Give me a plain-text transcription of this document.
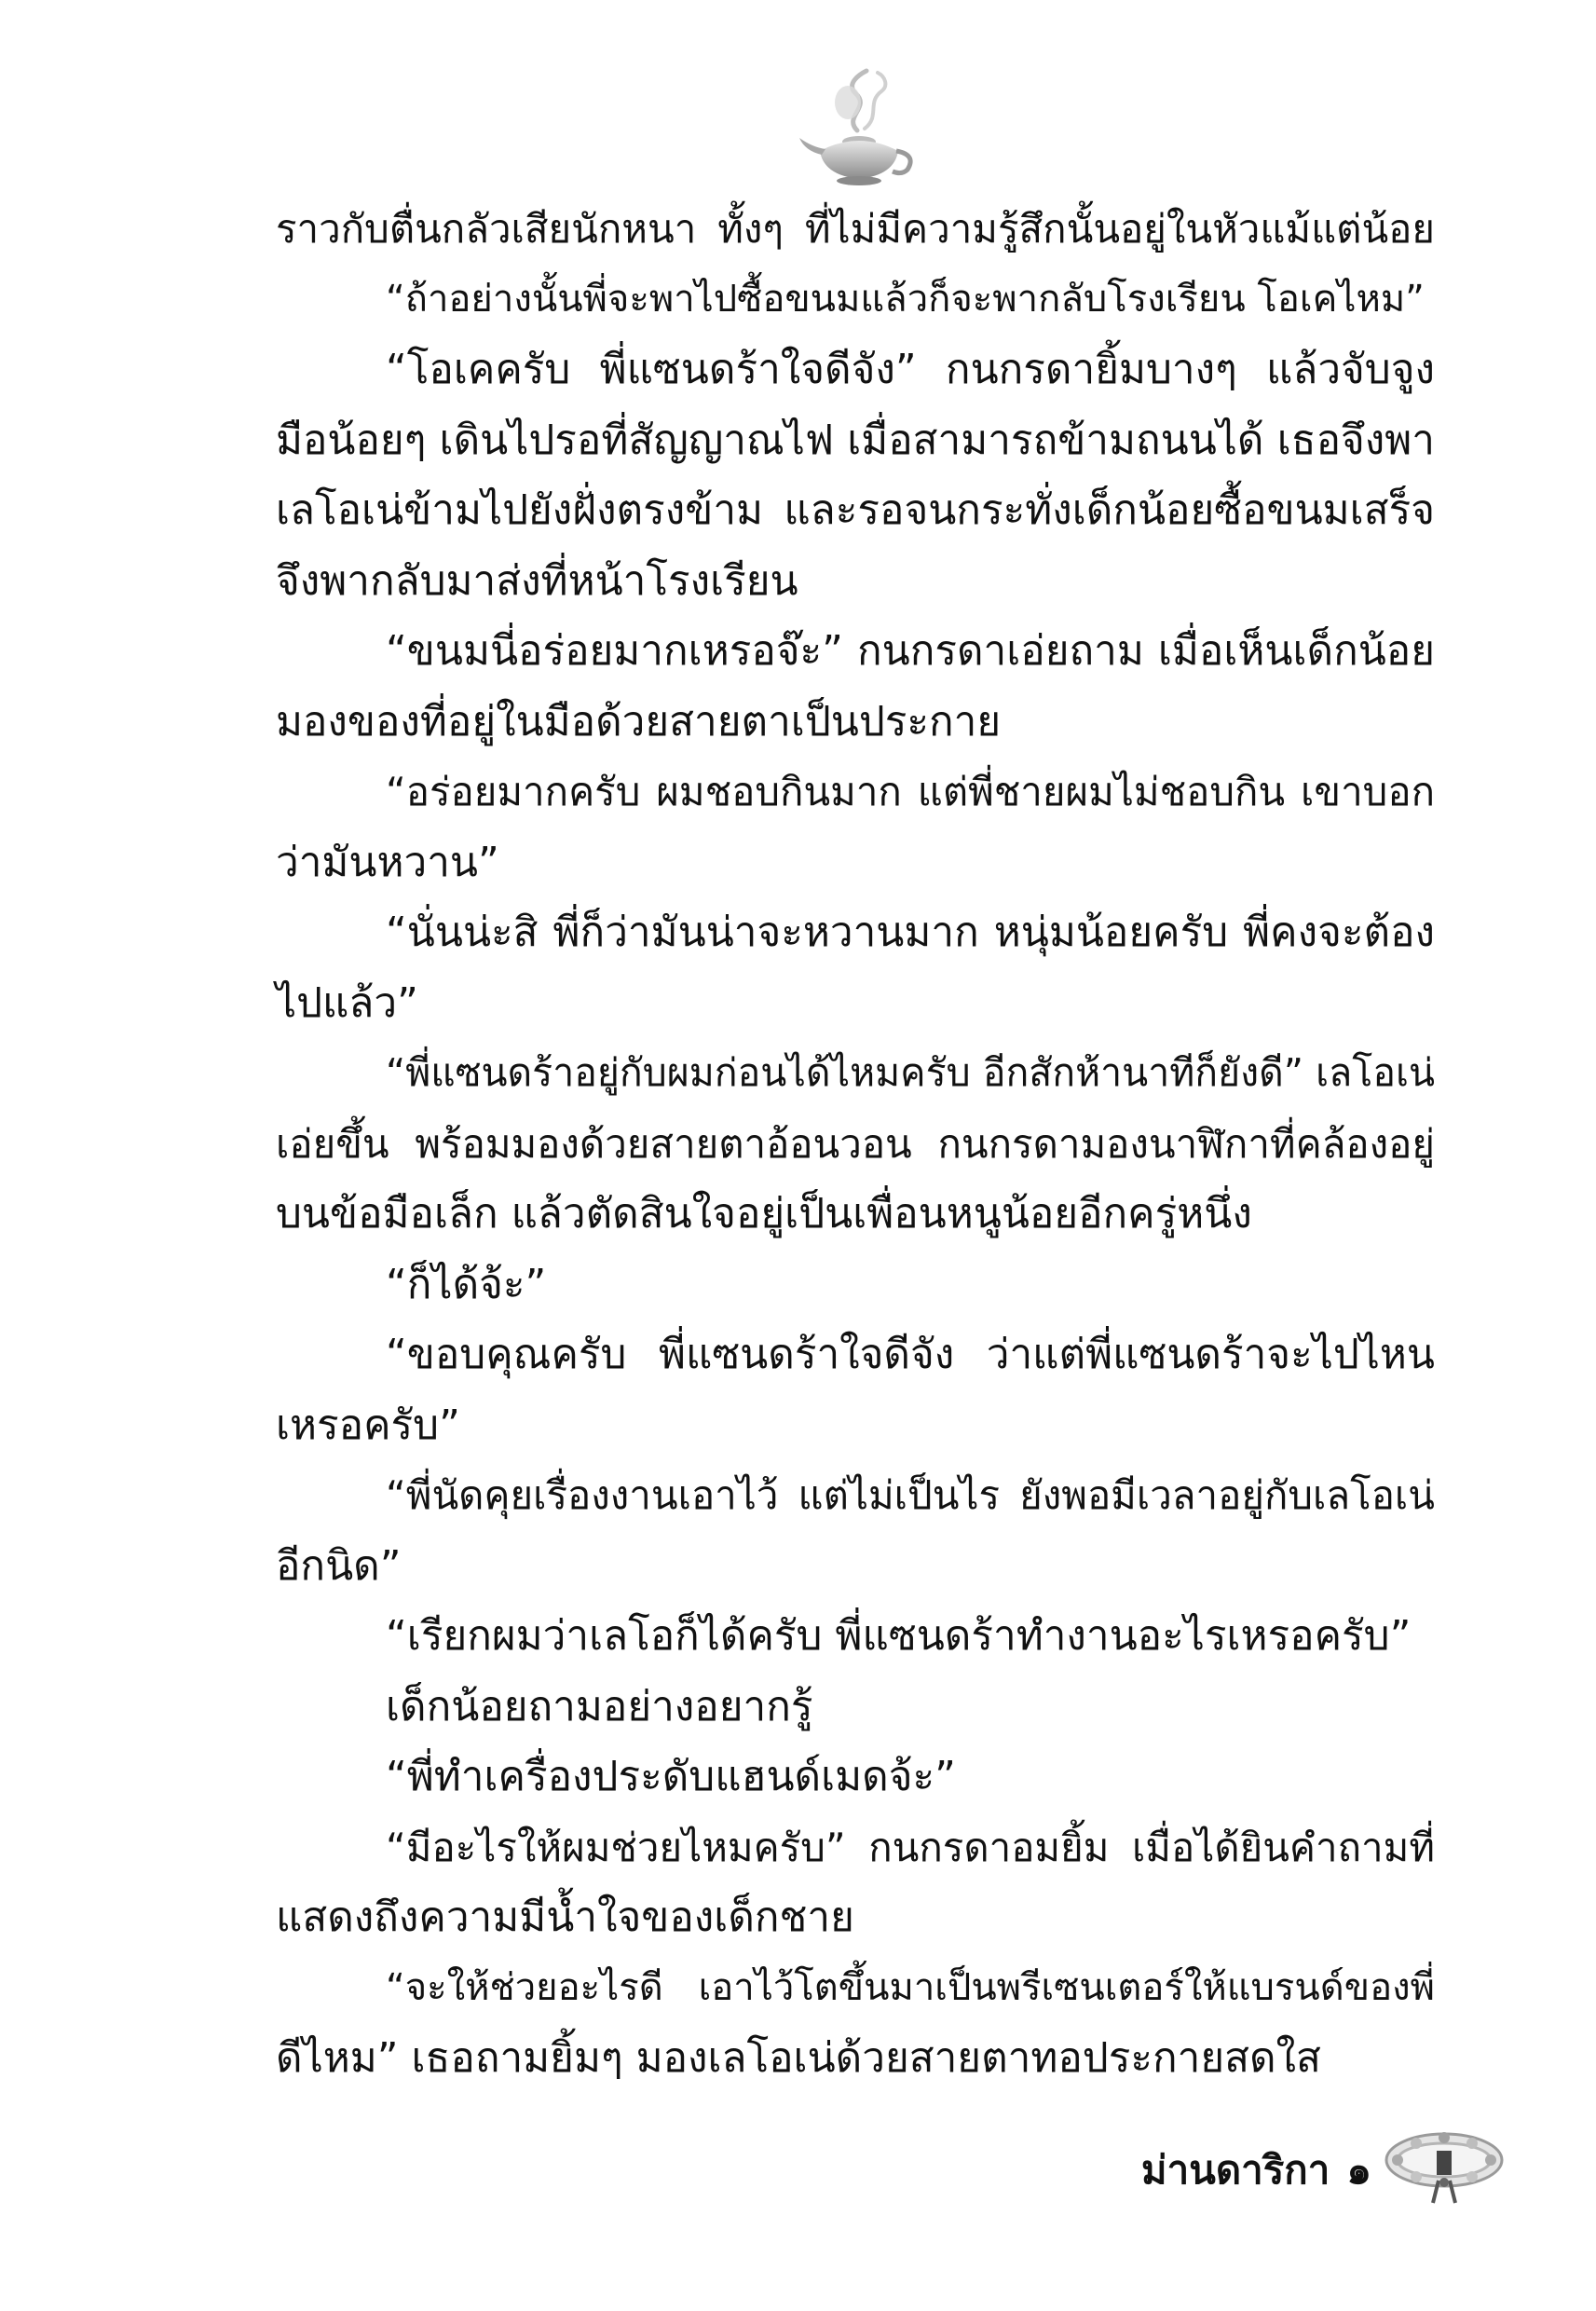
ราวกับตื่นกลัวเสียนักหนา ทั้งๆ ที่ไม่มีความรู้สึกนั้นอยู่ในหัวแม้แต่น้อย
“ถ้าอย่างนั้นพี่จะพาไปซื้อขนมแล้วก็จะพากลับโรงเรียน โอเคไหม”
“โอเคครับ พี่แซนดร้าใจดีจัง” กนกรดายิ้มบางๆ แล้วจับจูง
มือน้อยๆ เดินไปรอที่สัญญาณไฟ เมื่อสามารถข้ามถนนได้ เธอจึงพา
เลโอเน่ข้ามไปยังฝั่งตรงข้าม และรอจนกระทั่งเด็กน้อยซื้อขนมเสร็จ
จึงพากลับมาส่งที่หน้าโรงเรียน
“ขนมนี่อร่อยมากเหรอจ๊ะ” กนกรดาเอ่ยถาม เมื่อเห็นเด็กน้อย
มองของที่อยู่ในมือด้วยสายตาเป็นประกาย
“อร่อยมากครับ ผมชอบกินมาก แต่พี่ชายผมไม่ชอบกิน เขาบอก
ว่ามันหวาน”
“นั่นน่ะสิ พี่ก็ว่ามันน่าจะหวานมาก หนุ่มน้อยครับ พี่คงจะต้อง
ไปแล้ว”
“พี่แซนดร้าอยู่กับผมก่อนได้ไหมครับ อีกสักห้านาทีก็ยังดี” เลโอเน่
เอ่ยขึ้น พร้อมมองด้วยสายตาอ้อนวอน กนกรดามองนาฬิกาที่คล้องอยู่
บนข้อมือเล็ก แล้วตัดสินใจอยู่เป็นเพื่อนหนูน้อยอีกครู่หนึ่ง
“ก็ได้จ้ะ”
“ขอบคุณครับ พี่แซนดร้าใจดีจัง ว่าแต่พี่แซนดร้าจะไปไหน
เหรอครับ”
“พี่นัดคุยเรื่องงานเอาไว้ แต่ไม่เป็นไร ยังพอมีเวลาอยู่กับเลโอเน่
อีกนิด”
“เรียกผมว่าเลโอก็ได้ครับ พี่แซนดร้าทำงานอะไรเหรอครับ”
เด็กน้อยถามอย่างอยากรู้
“พี่ทำเครื่องประดับแฮนด์เมดจ้ะ”
“มีอะไรให้ผมช่วยไหมครับ” กนกรดาอมยิ้ม เมื่อได้ยินคำถามที่
แสดงถึงความมีน้ำใจของเด็กชาย
“จะให้ช่วยอะไรดี เอาไว้โตขึ้นมาเป็นพรีเซนเตอร์ให้แบรนด์ของพี่
ดีไหม” เธอถามยิ้มๆ มองเลโอเน่ด้วยสายตาทอประกายสดใส
ม่านดาริกา ๑
